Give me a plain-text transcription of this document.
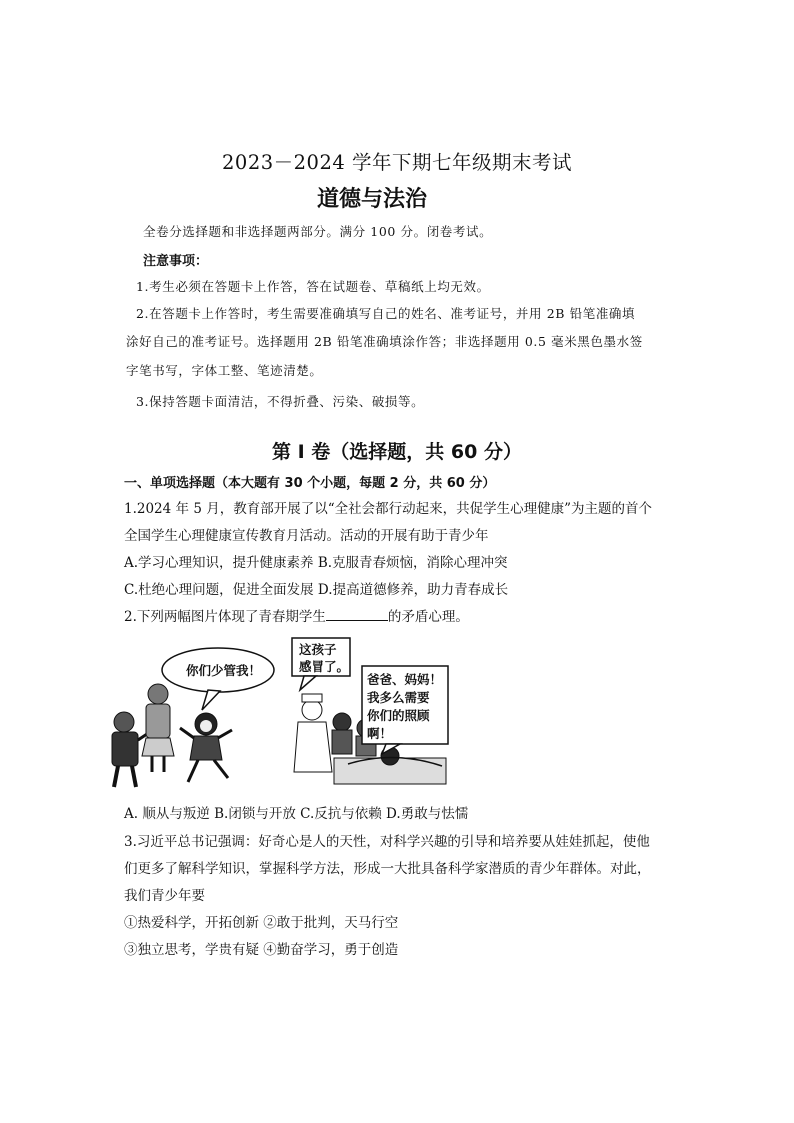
2023－2024 学年下期七年级期末考试
道德与法治
全卷分选择题和非选择题两部分。满分 100 分。闭卷考试。
注意事项：
1.考生必须在答题卡上作答，答在试题卷、草稿纸上均无效。
2.在答题卡上作答时，考生需要准确填写自己的姓名、准考证号，并用 2B 铅笔准确填
涂好自己的准考证号。选择题用 2B 铅笔准确填涂作答；非选择题用 0.5 毫米黑色墨水签
字笔书写，字体工整、笔迹清楚。
3.保持答题卡面清洁，不得折叠、污染、破损等。
第 I 卷（选择题，共 60 分）
一、单项选择题（本大题有 30 个小题，每题 2 分，共 60 分）
1.2024 年 5 月，教育部开展了以“全社会都行动起来，共促学生心理健康”为主题的首个
全国学生心理健康宣传教育月活动。活动的开展有助于青少年
A.学习心理知识，提升健康素养 B.克服青春烦恼，消除心理冲突
C.杜绝心理问题，促进全面发展 D.提高道德修养，助力青春成长
2.下列两幅图片体现了青春期学生	的矛盾心理。
你们少管我！
这孩子
感冒了。
爸爸、妈妈！
我多么需要
你们的照顾
啊！
A. 顺从与叛逆 B.闭锁与开放 C.反抗与依赖 D.勇敢与怯懦
3.习近平总书记强调：好奇心是人的天性，对科学兴趣的引导和培养要从娃娃抓起，使他
们更多了解科学知识，掌握科学方法，形成一大批具备科学家潜质的青少年群体。对此，
我们青少年要
①热爱科学，开拓创新 ②敢于批判，天马行空
③独立思考，学贵有疑 ④勤奋学习，勇于创造
